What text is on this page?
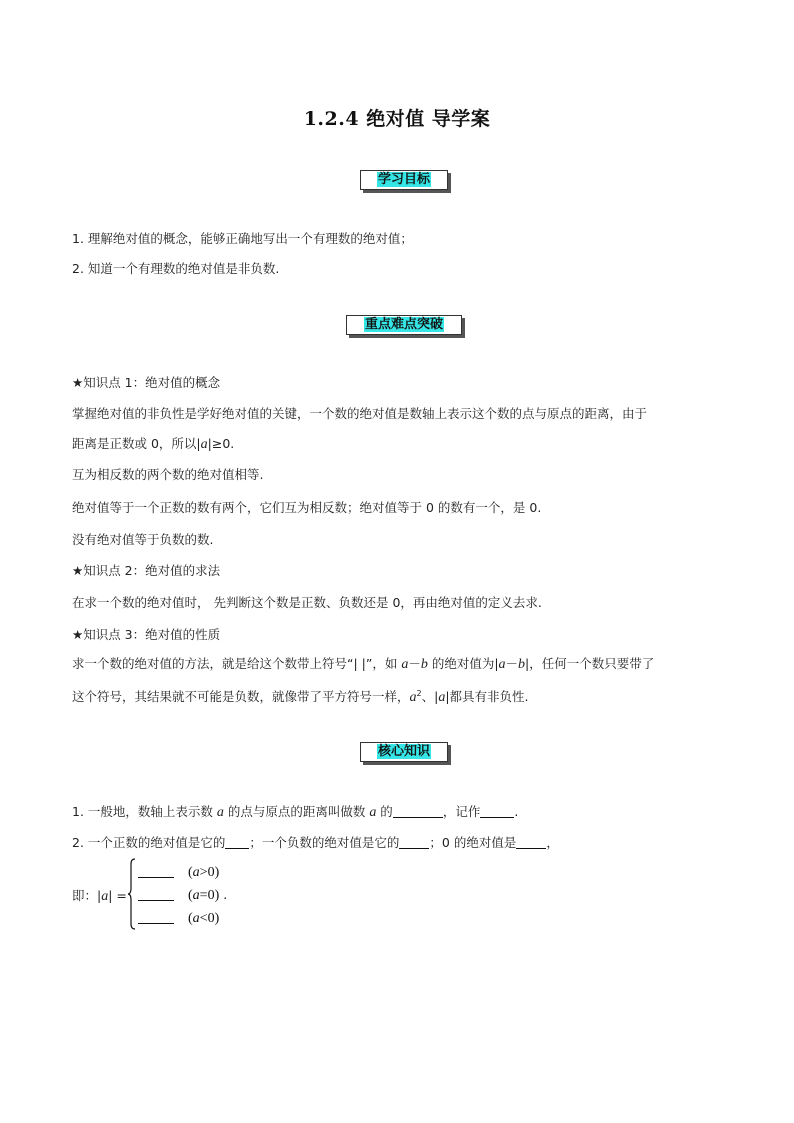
1.2.4 绝对值 导学案
学习目标
1. 理解绝对值的概念，能够正确地写出一个有理数的绝对值；
2. 知道一个有理数的绝对值是非负数.
重点难点突破
★知识点 1：绝对值的概念
掌握绝对值的非负性是学好绝对值的关键，一个数的绝对值是数轴上表示这个数的点与原点的距离，由于
距离是正数或 0，所以|a|≥0.
互为相反数的两个数的绝对值相等.
绝对值等于一个正数的数有两个，它们互为相反数；绝对值等于 0 的数有一个，是 0.
没有绝对值等于负数的数.
★知识点 2：绝对值的求法
在求一个数的绝对值时， 先判断这个数是正数、负数还是 0，再由绝对值的定义去求.
★知识点 3：绝对值的性质
求一个数的绝对值的方法，就是给这个数带上符号“| |”，如 a－b 的绝对值为|a－b|，任何一个数只要带了
这个符号，其结果就不可能是负数，就像带了平方符号一样，$a^2$、|a|都具有非负性.
核心知识
1. 一般地，数轴上表示数 a 的点与原点的距离叫做数 a 的	，记作	.
2. 一个正数的绝对值是它的 ；一个负数的绝对值是它的 ；0 的绝对值是 ，
即：|a| =
(a>0)
(a=0) .
(a<0)
